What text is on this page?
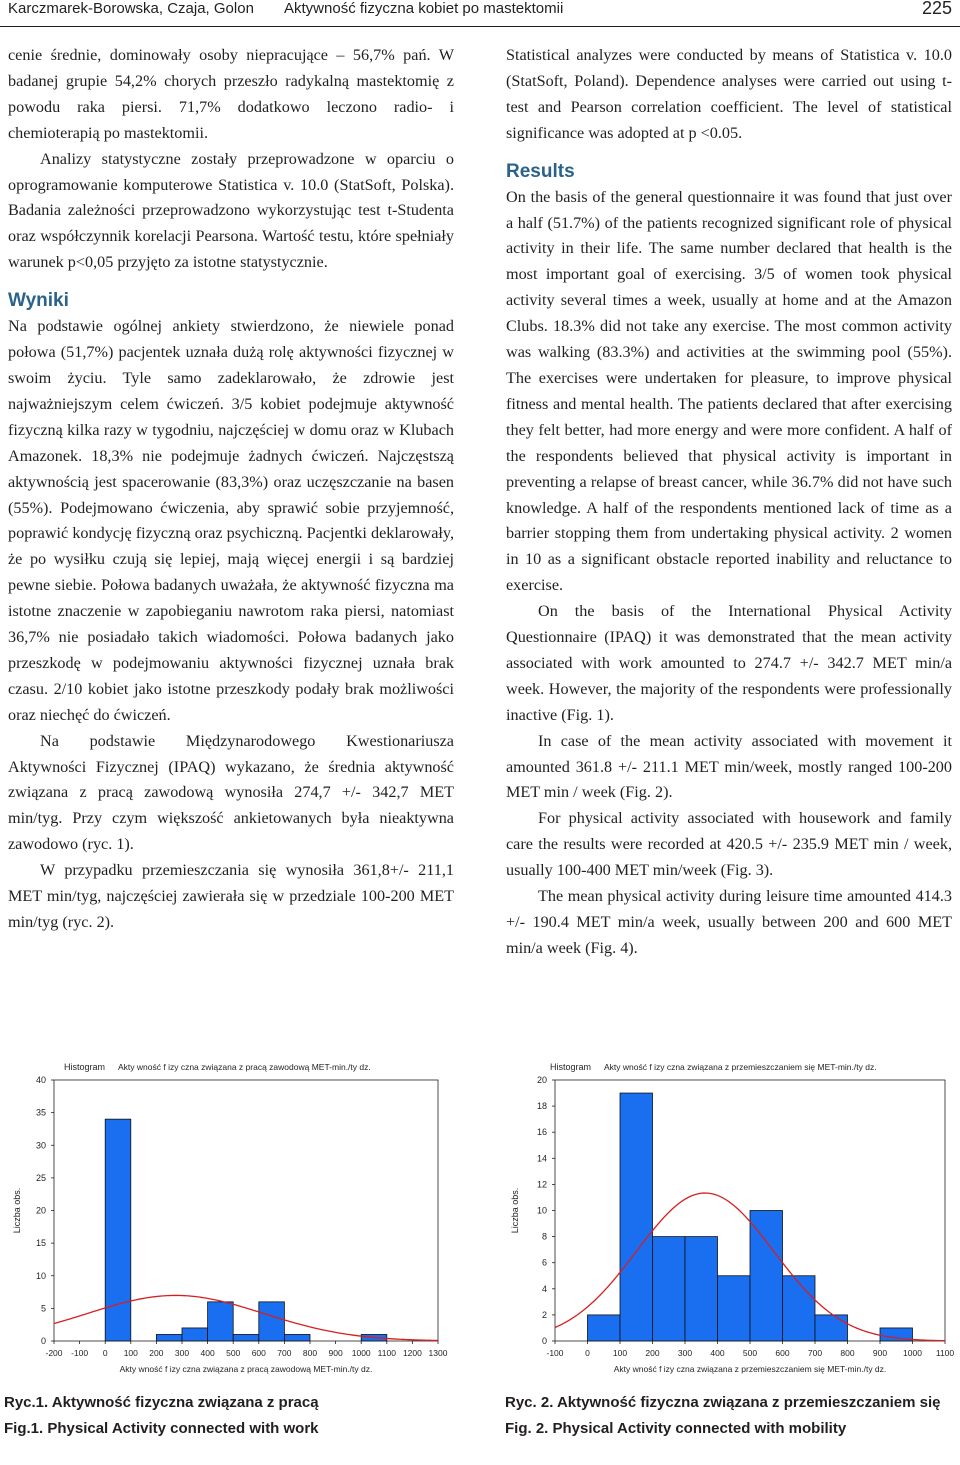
Karczmarek-Borowska, Czaja, Golon Aktywność fizyczna kobiet po mastektomii	225

cenie średnie, dominowały osoby niepracujące – 56,7% pań. W badanej grupie 54,2% chorych przeszło radykalną mastektomię z powodu raka piersi. 71,7% dodatkowo leczono radio- i chemioterapią po mastektomii.

Analizy statystyczne zostały przeprowadzone w oparciu o oprogramowanie komputerowe Statistica v. 10.0 (StatSoft, Polska). Badania zależności przeprowadzono wykorzystując test t-Studenta oraz współczynnik korelacji Pearsona. Wartość testu, które spełniały warunek p<0,05 przyjęto za istotne statystycznie.

Wyniki

Na podstawie ogólnej ankiety stwierdzono, że niewiele ponad połowa (51,7%) pacjentek uznała dużą rolę aktywności fizycznej w swoim życiu. Tyle samo zadeklarowało, że zdrowie jest najważniejszym celem ćwiczeń. 3/5 kobiet podejmuje aktywność fizyczną kilka razy w tygodniu, najczęściej w domu oraz w Klubach Amazonek. 18,3% nie podejmuje żadnych ćwiczeń. Najczęstszą aktywnością jest spacerowanie (83,3%) oraz uczęszczanie na basen (55%). Podejmowano ćwiczenia, aby sprawić sobie przyjemność, poprawić kondycję fizyczną oraz psychiczną. Pacjentki deklarowały, że po wysiłku czują się lepiej, mają więcej energii i są bardziej pewne siebie. Połowa badanych uważała, że aktywność fizyczna ma istotne znaczenie w zapobieganiu nawrotom raka piersi, natomiast 36,7% nie posiadało takich wiadomości. Połowa badanych jako przeszkodę w podejmowaniu aktywności fizycznej uznała brak czasu. 2/10 kobiet jako istotne przeszkody podały brak możliwości oraz niechęć do ćwiczeń.

Na podstawie Międzynarodowego Kwestionariusza Aktywności Fizycznej (IPAQ) wykazano, że średnia aktywność związana z pracą zawodową wynosiła 274,7 +/- 342,7 MET min/tyg. Przy czym większość ankietowanych była nieaktywna zawodowo (ryc. 1).

W przypadku przemieszczania się wynosiła 361,8+/- 211,1 MET min/tyg, najczęściej zawierała się w przedziale 100-200 MET min/tyg (ryc. 2).

Statistical analyzes were conducted by means of Statistica v. 10.0 (StatSoft, Poland). Dependence analyses were carried out using t-test and Pearson correlation coefficient. The level of statistical significance was adopted at p <0.05.

Results

On the basis of the general questionnaire it was found that just over a half (51.7%) of the patients recognized significant role of physical activity in their life. The same number declared that health is the most important goal of exercising. 3/5 of women took physical activity several times a week, usually at home and at the Amazon Clubs. 18.3% did not take any exercise. The most common activity was walking (83.3%) and activities at the swimming pool (55%). The exercises were undertaken for pleasure, to improve physical fitness and mental health. The patients declared that after exercising they felt better, had more energy and were more confident. A half of the respondents believed that physical activity is important in preventing a relapse of breast cancer, while 36.7% did not have such knowledge. A half of the respondents mentioned lack of time as a barrier stopping them from undertaking physical activity. 2 women in 10 as a significant obstacle reported inability and reluctance to exercise.

On the basis of the International Physical Activity Questionnaire (IPAQ) it was demonstrated that the mean activity associated with work amounted to 274.7 +/- 342.7 MET min/a week. However, the majority of the respondents were professionally inactive (Fig. 1).

In case of the mean activity associated with movement it amounted 361.8 +/- 211.1 MET min/week, mostly ranged 100-200 MET min / week (Fig. 2).

For physical activity associated with housework and family care the results were recorded at 420.5 +/- 235.9 MET min / week, usually 100-400 MET min/week (Fig. 3).

The mean physical activity during leisure time amounted 414.3 +/- 190.4 MET min/a week, usually between 200 and 600 MET min/a week (Fig. 4).

Histogram Akty wność f izy czna związana z pracą zawodową MET-min./ty dz.
0
5
10
15
20
25
30
35
40
-200 -100 0 100 200 300 400 500 600 700 800 900 1000 1100 1200 1300
Akty wność f izy czna związana z pracą zawodową MET-min./ty dz.
Liczba obs.
Histogram Akty wność f izy czna związana z przemieszczaniem się MET-min./ty dz.
0
2
4
6
8
10
12
14
16
18
20
-100	0	100 200 300 400 500 600 700 800 900 1000 1100
Akty wność f izy czna związana z przemieszczaniem się MET-min./ty dz.
Liczba obs.
Ryc.1. Aktywność fizyczna związana z pracą
Fig.1. Physical Activity connected with work
Ryc. 2. Aktywność fizyczna związana z przemieszczaniem się
Fig. 2. Physical Activity connected with mobility
